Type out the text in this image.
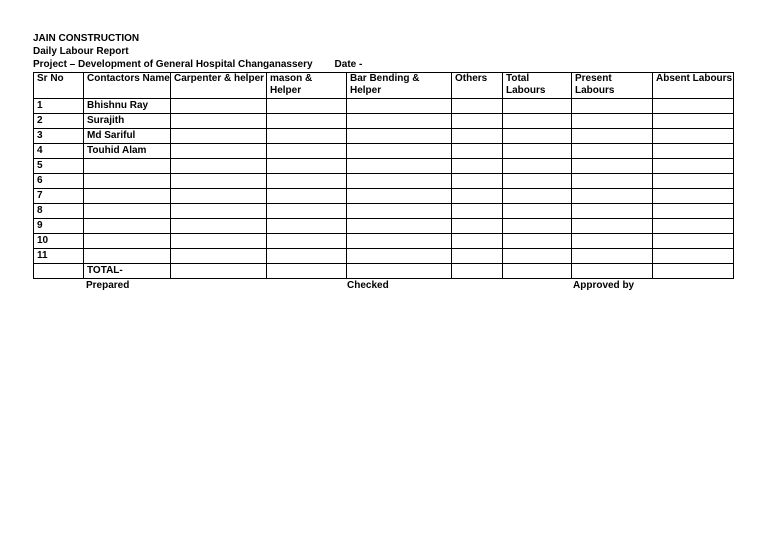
JAIN CONSTRUCTION
Daily Labour Report
Project – Development of General Hospital Changanassery Date -
Sr No	Contactors Name	Carpenter & helper	mason & Helper	Bar Bending & Helper	Others	Total Labours	Present Labours	Absent Labours
1	Bhishnu Ray							
2	Surajith							
3	Md Sariful							
4	Touhid Alam							
5								
6								
7								
8								
9								
10								
11								
	TOTAL-							
Prepared	Checked	Approved by
